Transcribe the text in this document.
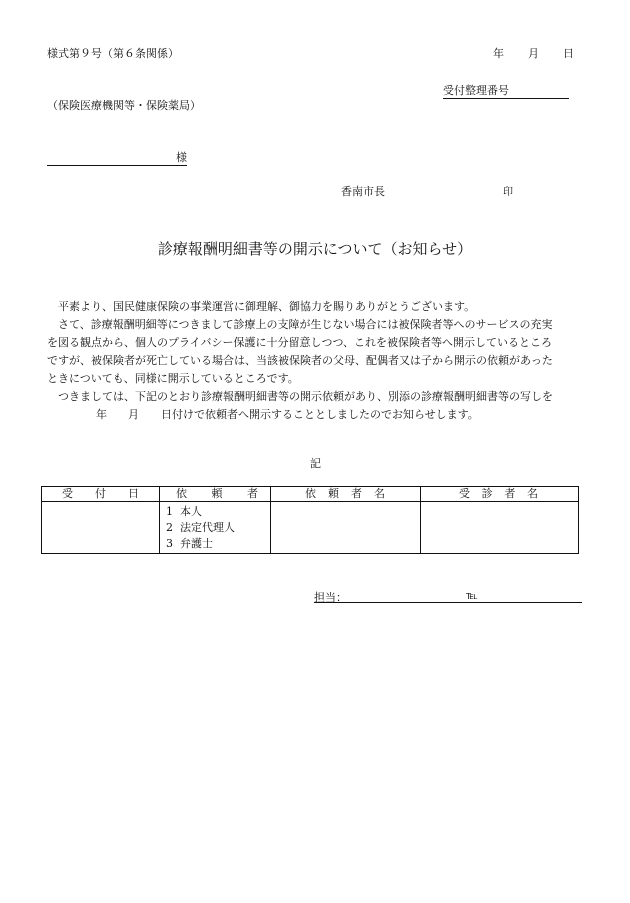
様式第９号（第６条関係）	年 月 日
受付整理番号
（保険医療機関等・保険薬局）
様
香南市長	印
診療報酬明細書等の開示について（お知らせ）
平素より、国民健康保険の事業運営に御理解、御協力を賜りありがとうございます。
さて、診療報酬明細等につきまして診療上の支障が生じない場合には被保険者等へのサービスの充実
を図る観点から、個人のプライバシー保護に十分留意しつつ、これを被保険者等へ開示しているところ
ですが、被保険者が死亡している場合は、当該被保険者の父母、配偶者又は子から開示の依頼があった
ときについても、同様に開示しているところです。
つきましては、下記のとおり診療報酬明細書等の開示依頼があり、別添の診療報酬明細書等の写しを
年 月 日付けで依頼者へ開示することとしましたのでお知らせします。
記
受 付 日	依 頼 者	依 頼 者 名	受 診 者 名

	1 本人
2 法定代理人
3 弁護士		

担当：	℡
